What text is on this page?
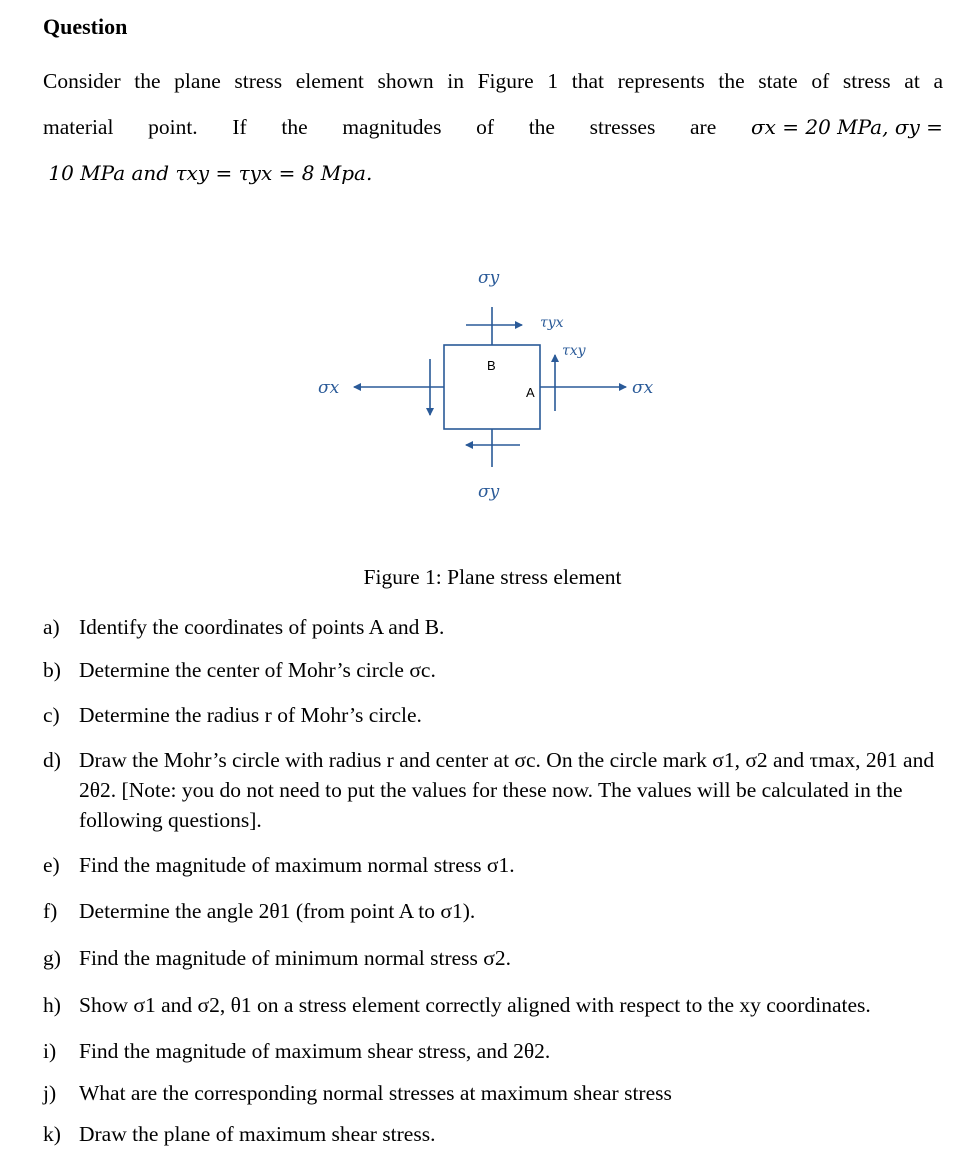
Question
Consider the plane stress element shown in Figure 1 that represents the state of stress at a
material point. If the magnitudes of the stresses are σx = 20 MPa, σy =
10 MPa and τxy = τyx = 8 Mpa.
σy
σy
σx	σx
τyx
τxy
B
A
Figure 1: Plane stress element
a) Identify the coordinates of points A and B.
b) Determine the center of Mohr’s circle σc.
c) Determine the radius r of Mohr’s circle.
d) Draw the Mohr’s circle with radius r and center at σc. On the circle mark σ1, σ2 and τmax, 2θ1 and 2θ2. [Note: you do not need to put the values for these now. The values will be calculated in the following questions].
e) Find the magnitude of maximum normal stress σ1.
f)	Determine the angle 2θ1 (from point A to σ1).
g) Find the magnitude of minimum normal stress σ2.
h) Show σ1 and σ2, θ1 on a stress element correctly aligned with respect to the xy coordinates.
i)	Find the magnitude of maximum shear stress, and 2θ2.
j)	What are the corresponding normal stresses at maximum shear stress
k) Draw the plane of maximum shear stress.
